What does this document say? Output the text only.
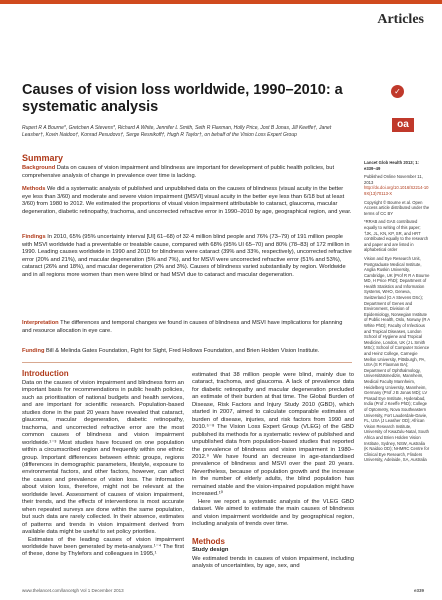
Articles
Causes of vision loss worldwide, 1990–2010: a systematic analysis
✓
oa
Rupert R A Bourne*, Gretchen A Stevens*, Richard A White, Jennifer L Smith, Seth R Flaxman, Holly Price, Jost B Jonas, Jill Keeffe†, Janet Leasher†, Kovin Naidoo†, Konrad Pesudovs†, Serge Resnikoff†, Hugh R Taylor†, on behalf of the Vision Loss Expert Group
Summary
Background Data on causes of vision impairment and blindness are important for development of public health policies, but comprehensive analysis of change in prevalence over time is lacking.
Methods We did a systematic analysis of published and unpublished data on the causes of blindness (visual acuity in the better eye less than 3/60) and moderate and severe vision impairment ([MSVI] visual acuity in the better eye less than 6/18 but at least 3/60) from 1980 to 2012. We estimated the proportions of visual vision impairment attributable to cataract, glaucoma, macular degeneration, diabetic retinopathy, trachoma, and uncorrected refractive error in 1990–2010 by age, geographical region, and year.
Findings In 2010, 65% (95% uncertainty interval [UI] 61–68) of 32·4 million blind people and 76% (73–79) of 191 million people with MSVI worldwide had a preventable or treatable cause, compared with 68% (95% UI 65–70) and 80% (78–83) of 172 million in 1990. Leading causes worldwide in 1990 and 2010 for blindness were cataract (39% and 33%, respectively), uncorrected refractive error (20% and 21%), and macular degeneration (5% and 7%), and for MSVI were uncorrected refractive error (51% and 53%), cataract (26% and 18%), and macular degeneration (2% and 3%). Causes of blindness varied substantially by region. Worldwide and in all regions more women than men were blind or had MSVI due to cataract and macular degeneration.
Interpretation The differences and temporal changes we found in causes of blindness and MSVI have implications for planning and resource allocation in eye care.
Funding Bill & Melinda Gates Foundation, Fight for Sight, Fred Hollows Foundation, and Brien Holden Vision Institute.
Lancet Glob Health 2013; 1: e339–49
Published Online November 11, 2013
http://dx.doi.org/10.1016/S2214-109X(13)70113-X
Copyright © Bourne et al. Open Access article distributed under the terms of CC BY
*RRAB and GAS contributed equally to writing of this paper; †JK, JL, KN, KP, SR, and HRT contributed equally to the research and paper and are listed in alphabetical order
Vision and Eye Research Unit, Postgraduate Medical Institute, Anglia Ruskin University, Cambridge, UK (Prof R R A Bourne MD, H Price PhD); Department of Health Statistics and Information Systems, WHO, Geneva, Switzerland (G A Stevens DSc); Department of Genes and Environment, Division of Epidemiology, Norwegian Institute of Public Health, Oslo, Norway (R A White PhD); Faculty of Infectious and Tropical Diseases, London School of Hygiene and Tropical Medicine, London, UK (J L Smith MSc); School of Computer Science and Heinz College, Carnegie Mellon University, Pittsburgh, PA, USA (S R Flaxman BA); Department of Ophthalmology, Universitätsmedizin, Mannheim, Medical Faculty Mannheim, Heidelberg University, Mannheim, Germany (Prof J B Jonas MD); LV Prasad Eye Institute, Hyderabad, India (Prof J Keeffe PhD); College of Optometry, Nova Southeastern University, Fort Lauderdale-Davie, FL, USA (J Leasher OD); African Vision Research Institute, University of KwaZulu-Natal, South Africa and Brien Holden Vision Institute, Sydney, NSW, Australia (K Naidoo OD); NHMRC Centre for Clinical Eye Research, Flinders University, Adelaide, SA, Australia
Introduction
Data on the causes of vision impairment and blindness form an important basis for recommendations in public health policies, such as prioritisation of national budgets and health services, and are important for scientific research. Population-based studies done in the past 20 years have revealed that cataract, glaucoma, macular degeneration, diabetic retinopathy, trachoma, and uncorrected refractive error are the most common causes of blindness and vision impairment worldwide.¹⁻³ Most studies have focused on one population within a circumscribed region and frequently within one ethnic group. Important differences between ethnic groups, regions (differences in demographic parameters, lifestyle, exposure to environmental factors, and other factors, however, can affect the causes and prevalence of vision loss. The information about vision loss, therefore, might not be relevant at the worldwide level. Assessment of causes of vision impairment, their trends, and the effects of interventions is most accurate when repeated surveys are done within the same population, but such data are rarely collected. In their absence, estimates of patterns and trends in vision impairment derived from available data might be useful to set policy priorities.
Estimates of the leading causes of vision impairment worldwide have been generated by meta-analyses.¹⁻⁴ The first of these, done by Thylefors and colleagues in 1995,¹
estimated that 38 million people were blind, mainly due to cataract, trachoma, and glaucoma. A lack of prevalence data for diabetic retinopathy and macular degeneration precluded an estimate of their burden at that time. The Global Burden of Disease, Risk Factors and Injury Study 2010 (GBD), which started in 2007, aimed to calculate comparable estimates of burden of disease, injuries, and risk factors from 1990 and 2010.⁵⁻⁸ The Vision Loss Expert Group (VLEG) of the GBD published its methods for a systematic review of published and unpublished data from population-based studies that reported the prevalence of blindness and vision impairment in 1980–2012.⁹ We have found an decrease in age-standardised prevalence of blindness and MSVI over the past 20 years. Nevertheless, because of population growth and the increase in the number of elderly adults, the blind population has remained stable and the vision-impaired population might have increased.¹⁰
Here we report a systematic analysis of the VLEG GBD dataset. We aimed to estimate the main causes of blindness and vision impairment worldwide and by geographical region, including analysis of trends over time.
Methods
Study design
We estimated trends in causes of vision impairment, including analysis of uncertainties, by age, sex, and
www.thelancet.com/lancetgh Vol 1 December 2013	e339
